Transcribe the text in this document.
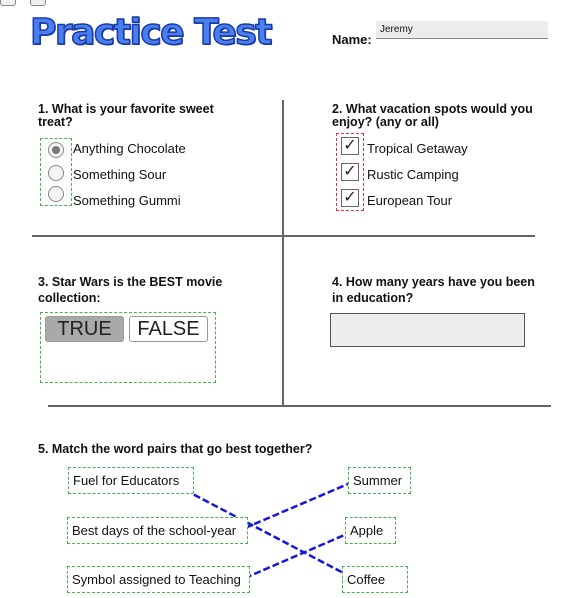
Practice Test	Name:
Jeremy
1. What is your favorite sweet treat?
Anything Chocolate
Something Sour
Something Gummi
2. What vacation spots would you enjoy? (any or all)
✓ Tropical Getaway
✓ Rustic Camping
✓ European Tour
3. Star Wars is the BEST movie collection:
TRUE	FALSE
4. How many years have you been in education?
5. Match the word pairs that go best together?
Fuel for Educators
Best days of the school-year
Symbol assigned to Teaching
Summer
Apple
Coffee
